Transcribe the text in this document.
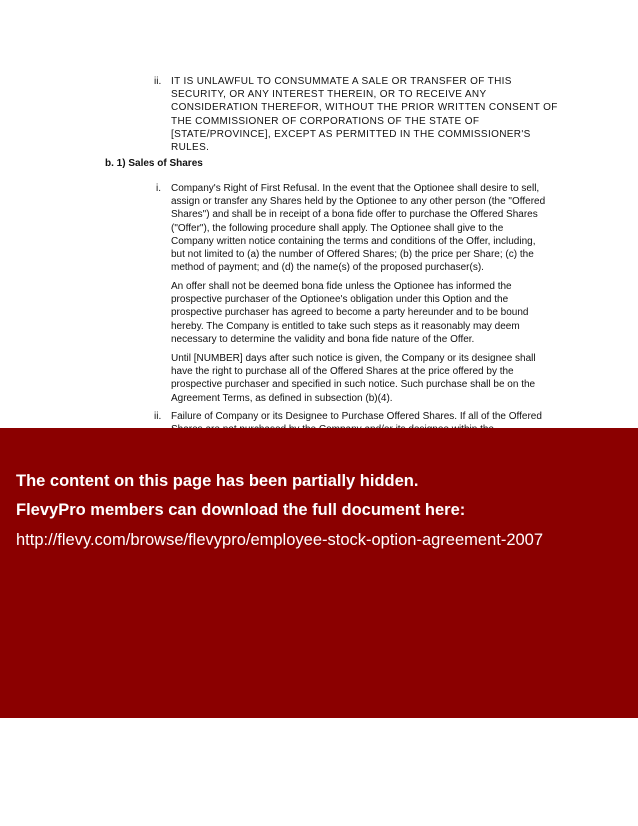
ii. IT IS UNLAWFUL TO CONSUMMATE A SALE OR TRANSFER OF THIS
SECURITY, OR ANY INTEREST THEREIN, OR TO RECEIVE ANY
CONSIDERATION THEREFOR, WITHOUT THE PRIOR WRITTEN CONSENT OF
THE COMMISSIONER OF CORPORATIONS OF THE STATE OF
[STATE/PROVINCE], EXCEPT AS PERMITTED IN THE COMMISSIONER'S
RULES.
b. 1) Sales of Shares
i. Company's Right of First Refusal. In the event that the Optionee shall desire to sell,
assign or transfer any Shares held by the Optionee to any other person (the "Offered
Shares") and shall be in receipt of a bona fide offer to purchase the Offered Shares
("Offer"), the following procedure shall apply. The Optionee shall give to the
Company written notice containing the terms and conditions of the Offer, including,
but not limited to (a) the number of Offered Shares; (b) the price per Share; (c) the
method of payment; and (d) the name(s) of the proposed purchaser(s).
An offer shall not be deemed bona fide unless the Optionee has informed the
prospective purchaser of the Optionee's obligation under this Option and the
prospective purchaser has agreed to become a party hereunder and to be bound
hereby. The Company is entitled to take such steps as it reasonably may deem
necessary to determine the validity and bona fide nature of the Offer.
Until [NUMBER] days after such notice is given, the Company or its designee shall
have the right to purchase all of the Offered Shares at the price offered by the
prospective purchaser and specified in such notice. Such purchase shall be on the
Agreement Terms, as defined in subsection (b)(4).
ii. Failure of Company or its Designee to Purchase Offered Shares. If all of the Offered
The content on this page has been partially hidden.
FlevyPro members can download the full document here:
http://flevy.com/browse/flevypro/employee-stock-option-agreement-2007
